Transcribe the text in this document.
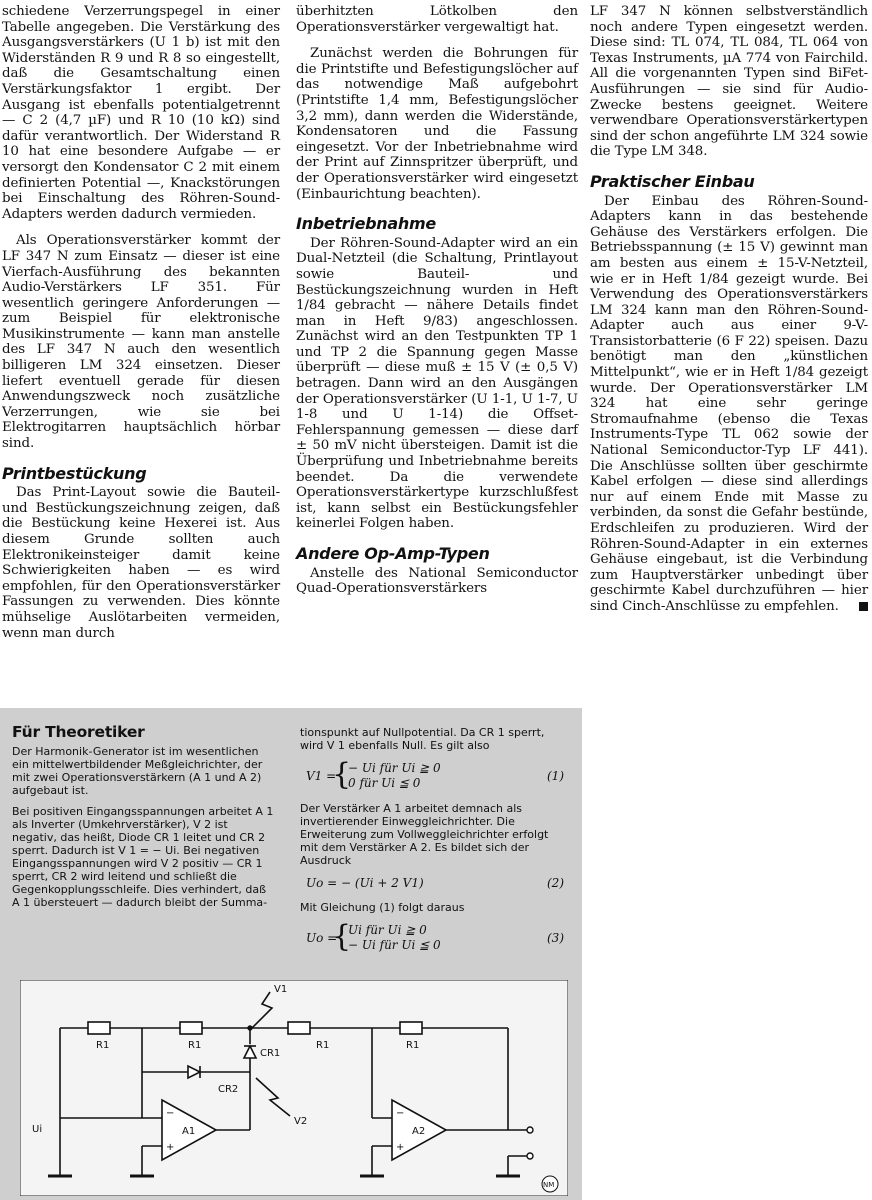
schiedene Verzerrungspegel in einer Tabelle angegeben. Die Verstärkung des Ausgangsverstärkers (U 1 b) ist mit den Widerständen R 9 und R 8 so eingestellt, daß die Gesamtschaltung einen Verstärkungsfaktor 1 ergibt. Der Ausgang ist ebenfalls potentialgetrennt — C 2 (4,7 µF) und R 10 (10 kΩ) sind dafür verantwortlich. Der Widerstand R 10 hat eine besondere Aufgabe — er versorgt den Kondensator C 2 mit einem definierten Potential —, Knackstörungen bei Einschaltung des Röhren-Sound-Adapters werden dadurch vermieden.

Als Operationsverstärker kommt der LF 347 N zum Einsatz — dieser ist eine Vierfach-Ausführung des bekannten Audio-Verstärkers LF 351. Für wesentlich geringere Anforderungen — zum Beispiel für elektronische Musikinstrumente — kann man anstelle des LF 347 N auch den wesentlich billigeren LM 324 einsetzen. Dieser liefert eventuell gerade für diesen Anwendungszweck noch zusätzliche Verzerrungen, wie sie bei Elektrogitarren hauptsächlich hörbar sind.

Printbestückung

Das Print-Layout sowie die Bauteil- und Bestückungszeichnung zeigen, daß die Bestückung keine Hexerei ist. Aus diesem Grunde sollten auch Elektronikeinsteiger damit keine Schwierigkeiten haben — es wird empfohlen, für den Operationsverstärker Fassungen zu verwenden. Dies könnte mühselige Auslötarbeiten vermeiden, wenn man durch

überhitzten Lötkolben den Operationsverstärker vergewaltigt hat.

Zunächst werden die Bohrungen für die Printstifte und Befestigungslöcher auf das notwendige Maß aufgebohrt (Printstifte 1,4 mm, Befestigungslöcher 3,2 mm), dann werden die Widerstände, Kondensatoren und die Fassung eingesetzt. Vor der Inbetriebnahme wird der Print auf Zinnspritzer überprüft, und der Operationsverstärker wird eingesetzt (Einbaurichtung beachten).

Inbetriebnahme

Der Röhren-Sound-Adapter wird an ein Dual-Netzteil (die Schaltung, Printlayout sowie Bauteil- und Bestückungszeichnung wurden in Heft 1/84 gebracht — nähere Details findet man in Heft 9/83) angeschlossen. Zunächst wird an den Testpunkten TP 1 und TP 2 die Spannung gegen Masse überprüft — diese muß ± 15 V (± 0,5 V) betragen. Dann wird an den Ausgängen der Operationsverstärker (U 1-1, U 1-7, U 1-8 und U 1-14) die Offset-Fehlerspannung gemessen — diese darf ± 50 mV nicht übersteigen. Damit ist die Überprüfung und Inbetriebnahme bereits beendet. Da die verwendete Operationsverstärkertype kurzschlußfest ist, kann selbst ein Bestückungsfehler keinerlei Folgen haben.

Andere Op-Amp-Typen

Anstelle des National Semiconductor Quad-Operationsverstärkers

LF 347 N können selbstverständlich noch andere Typen eingesetzt werden. Diese sind: TL 074, TL 084, TL 064 von Texas Instruments, µA 774 von Fairchild. All die vorgenannten Typen sind BiFet-Ausführungen — sie sind für Audio-Zwecke bestens geeignet. Weitere verwendbare Operationsverstärkertypen sind der schon angeführte LM 324 sowie die Type LM 348.

Praktischer Einbau

Der Einbau des Röhren-Sound-Adapters kann in das bestehende Gehäuse des Verstärkers erfolgen. Die Betriebsspannung (± 15 V) gewinnt man am besten aus einem ± 15-V-Netzteil, wie er in Heft 1/84 gezeigt wurde. Bei Verwendung des Operationsverstärkers LM 324 kann man den Röhren-Sound-Adapter auch aus einer 9-V-Transistorbatterie (6 F 22) speisen. Dazu benötigt man den „künstlichen Mittelpunkt“, wie er in Heft 1/84 gezeigt wurde. Der Operationsverstärker LM 324 hat eine sehr geringe Stromaufnahme (ebenso die Texas Instruments-Type TL 062 sowie der National Semiconductor-Typ LF 441). Die Anschlüsse sollten über geschirmte Kabel erfolgen — diese sind allerdings nur auf einem Ende mit Masse zu verbinden, da sonst die Gefahr bestünde, Erdschleifen zu produzieren. Wird der Röhren-Sound-Adapter in ein externes Gehäuse eingebaut, ist die Verbindung zum Hauptverstärker unbedingt über geschirmte Kabel durchzuführen — hier sind Cinch-Anschlüsse zu empfehlen.

Für Theoretiker

Der Harmonik-Generator ist im wesentlichen ein mittelwertbildender Meßgleichrichter, der mit zwei Operationsverstärkern (A 1 und A 2) aufgebaut ist.

Bei positiven Eingangsspannungen arbeitet A 1 als Inverter (Umkehrverstärker), V 2 ist negativ, das heißt, Diode CR 1 leitet und CR 2 sperrt. Dadurch ist V 1 = − Ui. Bei negativen Eingangsspannungen wird V 2 positiv — CR 1 sperrt, CR 2 wird leitend und schließt die Gegenkopplungsschleife. Dies verhindert, daß A 1 übersteuert — dadurch bleibt der Summa-

tionspunkt auf Nullpotential. Da CR 1 sperrt, wird V 1 ebenfalls Null. Es gilt also

V1 =
{
− Ui für Ui ≧ 0
0 für Ui ≦ 0	(1)

Der Verstärker A 1 arbeitet demnach als invertierender Einweggleichrichter. Die Erweiterung zum Vollweggleichrichter erfolgt mit dem Verstärker A 2. Es bildet sich der Ausdruck

Uo = − (Ui + 2 V1)	(2)

Mit Gleichung (1) folgt daraus

Uo =
{
Ui für Ui ≧ 0
− Ui für Ui ≦ 0	(3)
R1	R1	R1	R1
CR1
CR2
A1	A2
−
+
−
+
V1
V2
Ui
NM
